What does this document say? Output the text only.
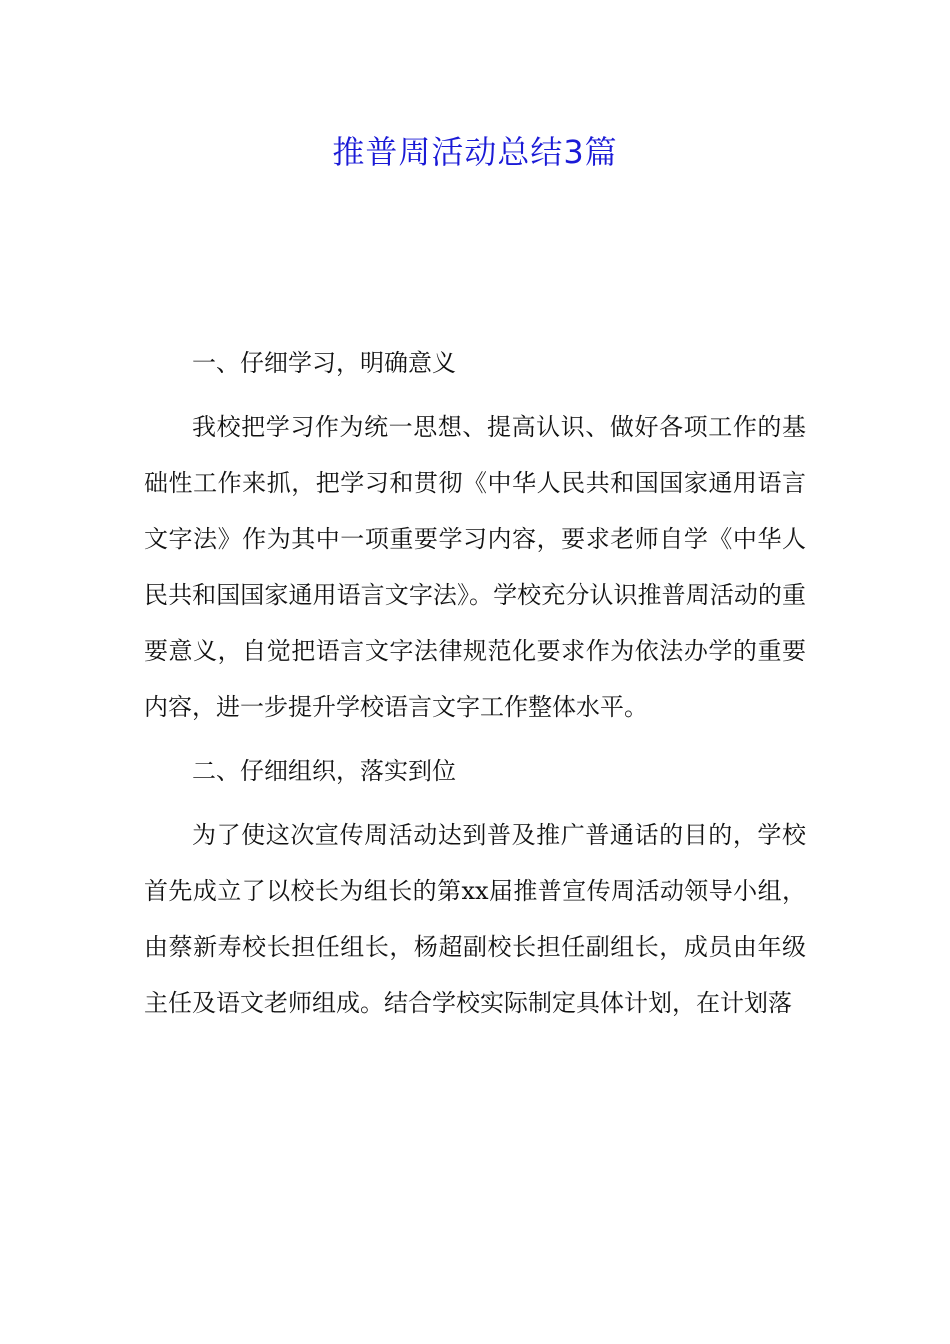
推普周活动总结3篇

一、仔细学习，明确意义

我校把学习作为统一思想、提高认识、做好各项工作的基础性工作来抓，把学习和贯彻《中华人民共和国国家通用语言文字法》作为其中一项重要学习内容，要求老师自学《中华人民共和国国家通用语言文字法》。学校充分认识推普周活动的重要意义，自觉把语言文字法律规范化要求作为依法办学的重要内容，进一步提升学校语言文字工作整体水平。

二、仔细组织，落实到位

为了使这次宣传周活动达到普及推广普通话的目的，学校首先成立了以校长为组长的第xx届推普宣传周活动领导小组，由蔡新寿校长担任组长，杨超副校长担任副组长，成员由年级主任及语文老师组成。结合学校实际制定具体计划，在计划落
